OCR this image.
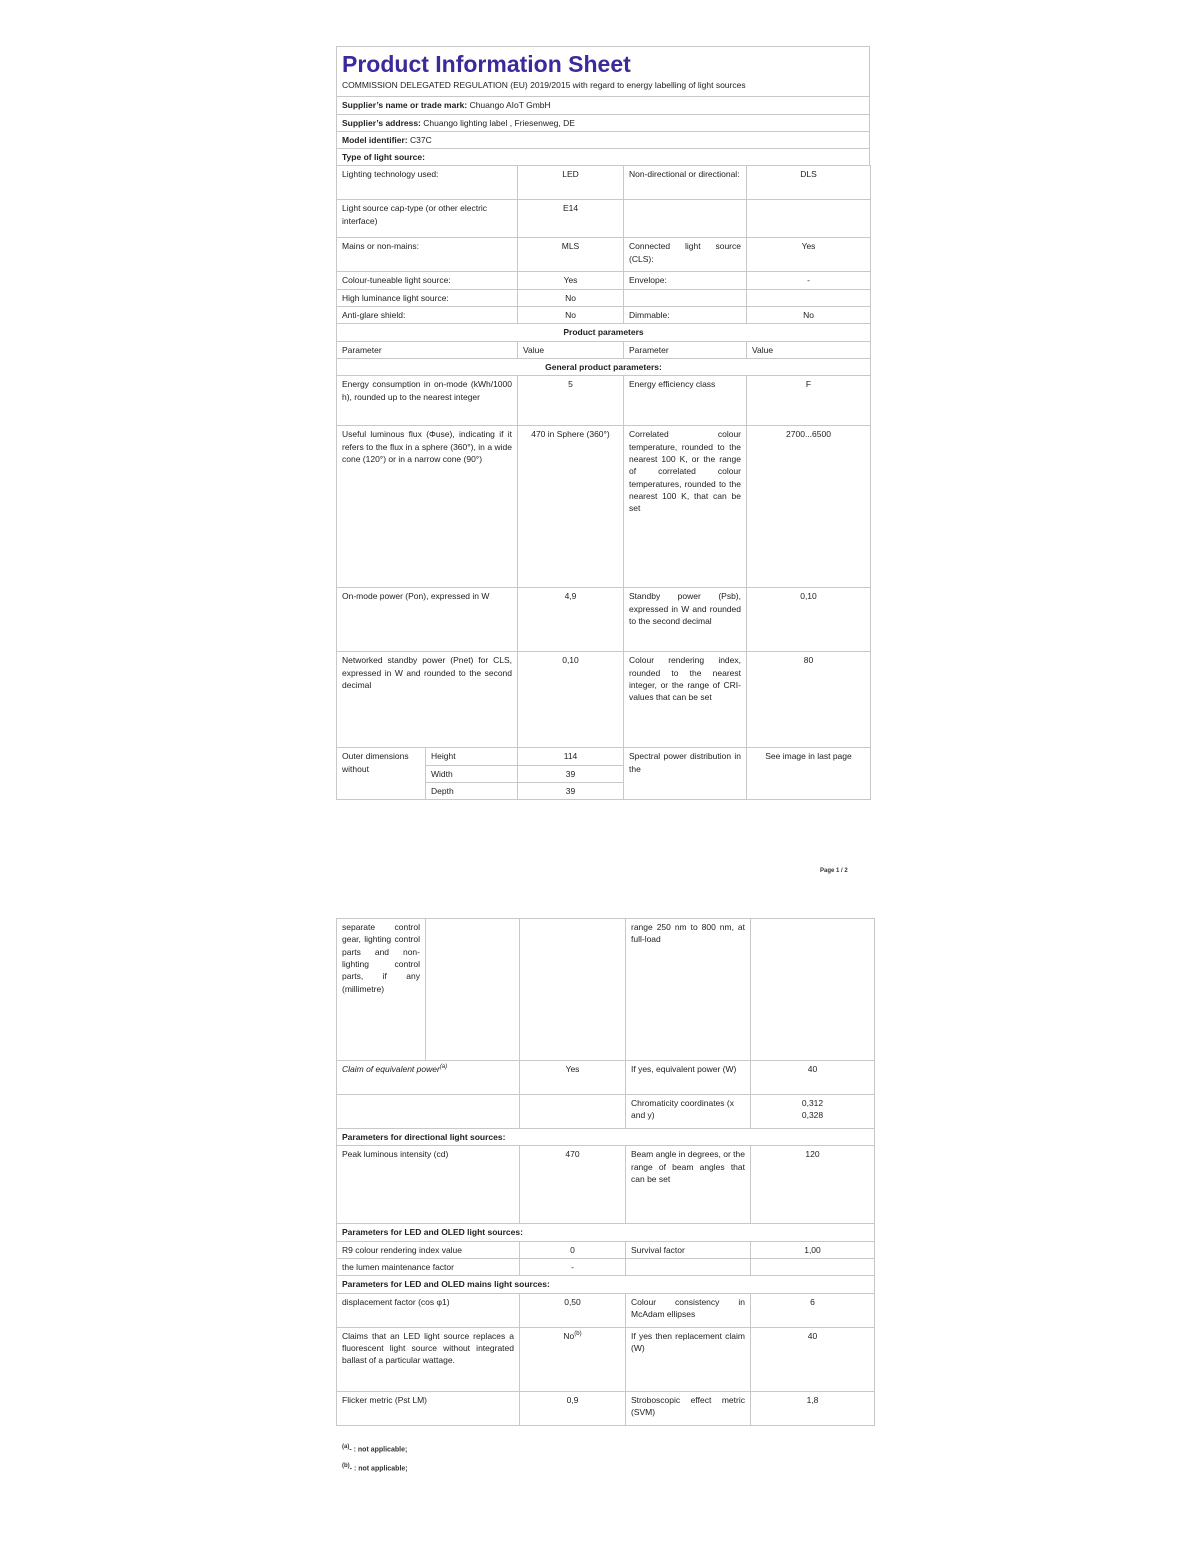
Product Information Sheet
COMMISSION DELEGATED REGULATION (EU) 2019/2015 with regard to energy labelling of light sources

Supplier’s name or trade mark: Chuango AIoT GmbH
Supplier’s address: Chuango lighting label , Friesenweg, DE
Model identifier: C37C
Type of light source:
Lighting technology used:	LED	Non-directional or directional:	DLS
Light source cap-type (or other electric interface)	E14		
Mains or non-mains:	MLS	Connected light source (CLS):	Yes
Colour-tuneable light source:	Yes	Envelope:	-
High luminance light source:	No		
Anti-glare shield:	No	Dimmable:	No
Product parameters			
Parameter	Value	Parameter	Value
General product parameters:			
Energy consumption in on-mode (kWh/1000 h), rounded up to the nearest integer	5	Energy efficiency class	F
Useful luminous flux (Φuse), indicating if it refers to the flux in a sphere (360°), in a wide cone (120°) or in a narrow cone (90°)	470 in Sphere (360°)	Correlated colour temperature, rounded to the nearest 100 K, or the range of correlated colour temperatures, rounded to the nearest 100 K, that can be set	2700...6500
On-mode power (Pon), expressed in W	4,9	Standby power (Psb), expressed in W and rounded to the second decimal	0,10
Networked standby power (Pnet) for CLS, expressed in W and rounded to the second decimal	0,10	Colour rendering index, rounded to the nearest integer, or the range of CRI-values that can be set	80
Outer dimensions without	Height	114	Spectral power distribution in the	See image in last page
	Width	39		
	Depth	39		
Page 1 / 2
separate control gear, lighting control parts and non-lighting control parts, if any (millimetre)			range 250 nm to 800 nm, at full-load	
Claim of equivalent power$^{(a)}$	Yes	If yes, equivalent power (W)	40
		Chromaticity coordinates (x and y)	0,312
0,328

Parameters for directional light sources:			
Peak luminous intensity (cd)	470	Beam angle in degrees, or the range of beam angles that can be set	120
Parameters for LED and OLED light sources:			
R9 colour rendering index value	0	Survival factor	1,00
the lumen maintenance factor	-		
Parameters for LED and OLED mains light sources:			
displacement factor (cos φ1)	0,50	Colour consistency in McAdam ellipses	6
Claims that an LED light source replaces a fluorescent light source without integrated ballast of a particular wattage.	No$^{(b)}$	If yes then replacement claim (W)	40
Flicker metric (Pst LM)	0,9	Stroboscopic effect metric (SVM)	1,8
$^{(a)}$- : not applicable;
$^{(b)}$- : not applicable;
